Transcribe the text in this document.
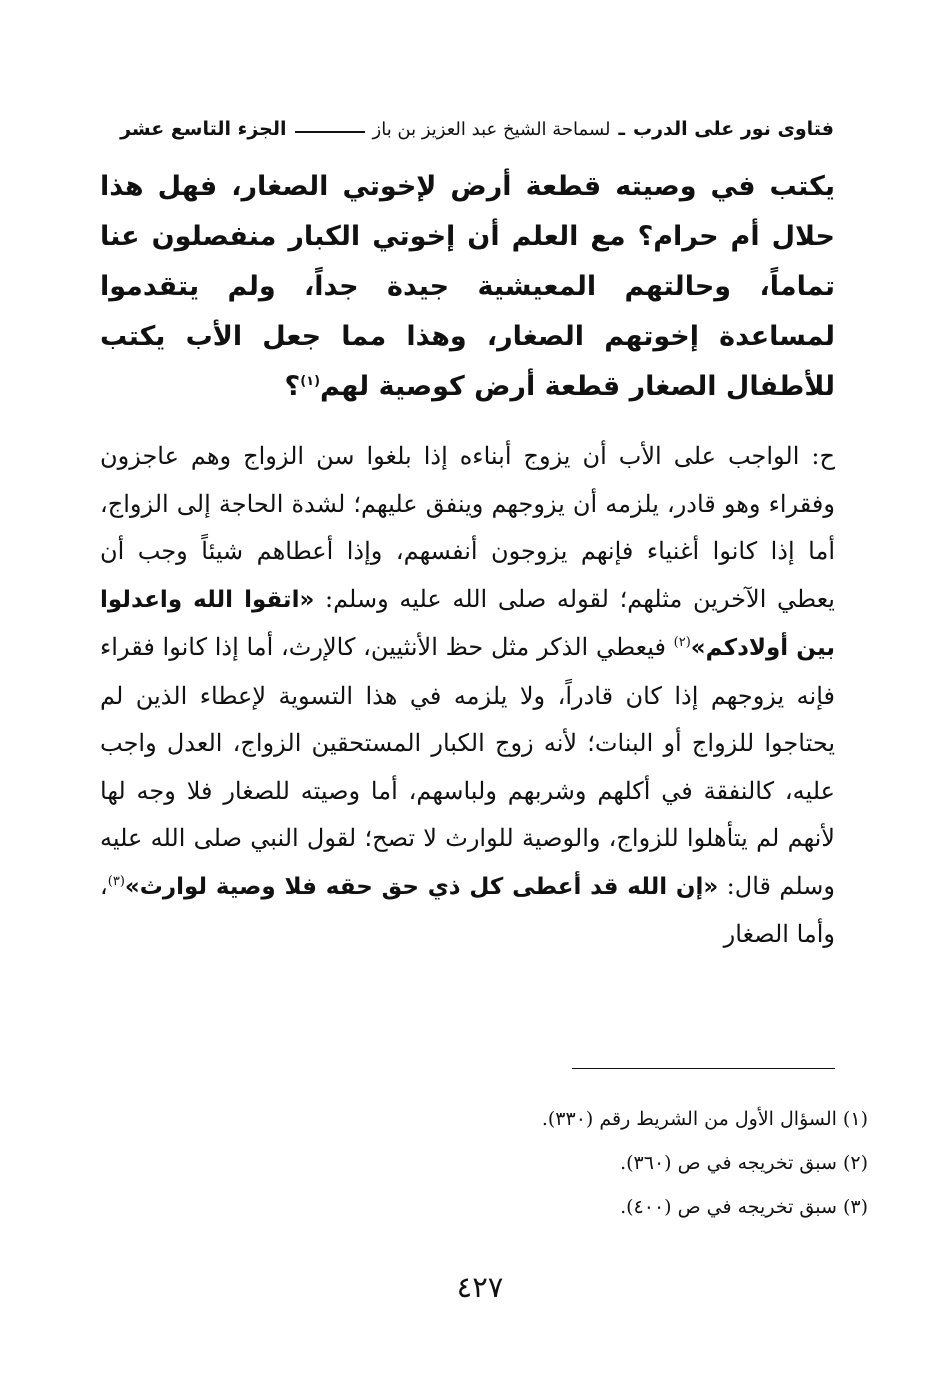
فتاوى نور على الدرب
ـ
لسماحة الشيخ عبد العزيز بن باز
الجزء التاسع عشر
يكتب في وصيته قطعة أرض لإخوتي الصغار، فهل هذا حلال أم حرام؟ مع العلم أن إخوتي الكبار منفصلون عنا تماماً، وحالتهم المعيشية جيدة جداً، ولم يتقدموا لمساعدة إخوتهم الصغار، وهذا مما جعل الأب يكتب للأطفال الصغار قطعة أرض كوصية لهم$^{(١)}$؟
ح: الواجب على الأب أن يزوج أبناءه إذا بلغوا سن الزواج وهم عاجزون وفقراء وهو قادر، يلزمه أن يزوجهم وينفق عليهم؛ لشدة الحاجة إلى الزواج، أما إذا كانوا أغنياء فإنهم يزوجون أنفسهم، وإذا أعطاهم شيئاً وجب أن يعطي الآخرين مثلهم؛ لقوله صلى الله عليه وسلم: «اتقوا الله واعدلوا بين أولادكم»$^{(٢)}$ فيعطي الذكر مثل حظ الأنثيين، كالإرث، أما إذا كانوا فقراء فإنه يزوجهم إذا كان قادراً، ولا يلزمه في هذا التسوية لإعطاء الذين لم يحتاجوا للزواج أو البنات؛ لأنه زوج الكبار المستحقين الزواج، العدل واجب عليه، كالنفقة في أكلهم وشربهم ولباسهم، أما وصيته للصغار فلا وجه لها لأنهم لم يتأهلوا للزواج، والوصية للوارث لا تصح؛ لقول النبي صلى الله عليه وسلم قال: «إن الله قد أعطى كل ذي حق حقه فلا وصية لوارث»$^{(٣)}$، وأما الصغار
(١) السؤال الأول من الشريط رقم (٣٣٠).
(٢) سبق تخريجه في ص (٣٦٠).
(٣) سبق تخريجه في ص (٤٠٠).
٤٢٧
